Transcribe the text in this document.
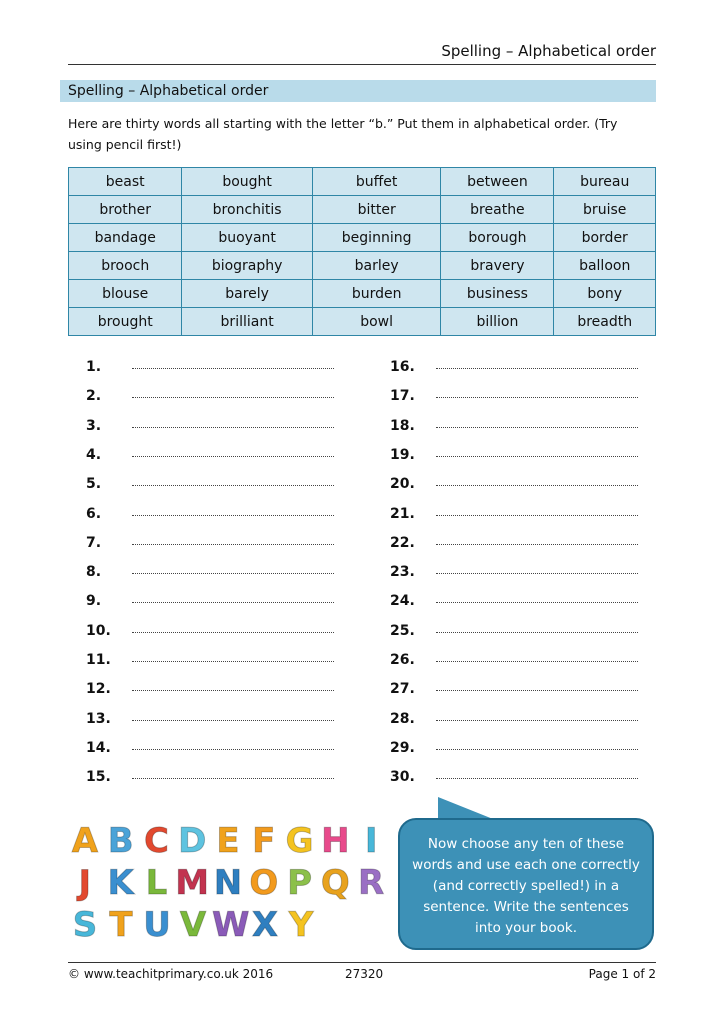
Spelling – Alphabetical order
Spelling – Alphabetical order
Here are thirty words all starting with the letter “b.” Put them in alphabetical order. (Try using pencil first!)
beast	bought	buffet	between	bureau
brother	bronchitis	bitter	breathe	bruise
bandage	buoyant	beginning	borough	border
brooch	biography	barley	bravery	balloon
blouse	barely	burden	business	bony
brought	brilliant	bowl	billion	breadth
1.
2.
3.
4.
5.
6.
7.
8.
9.
10.
11.
12.
13.
14.
15.
16.
17.
18.
19.
20.
21.
22.
23.
24.
25.
26.
27.
28.
29.
30.
A B C D E F G H I
J K L M N O P Q R
S T U V W X Y
Now choose any ten of these words and use each one correctly (and correctly spelled!) in a sentence. Write the sentences into your book.
© www.teachitprimary.co.uk 2016	27320	Page 1 of 2
